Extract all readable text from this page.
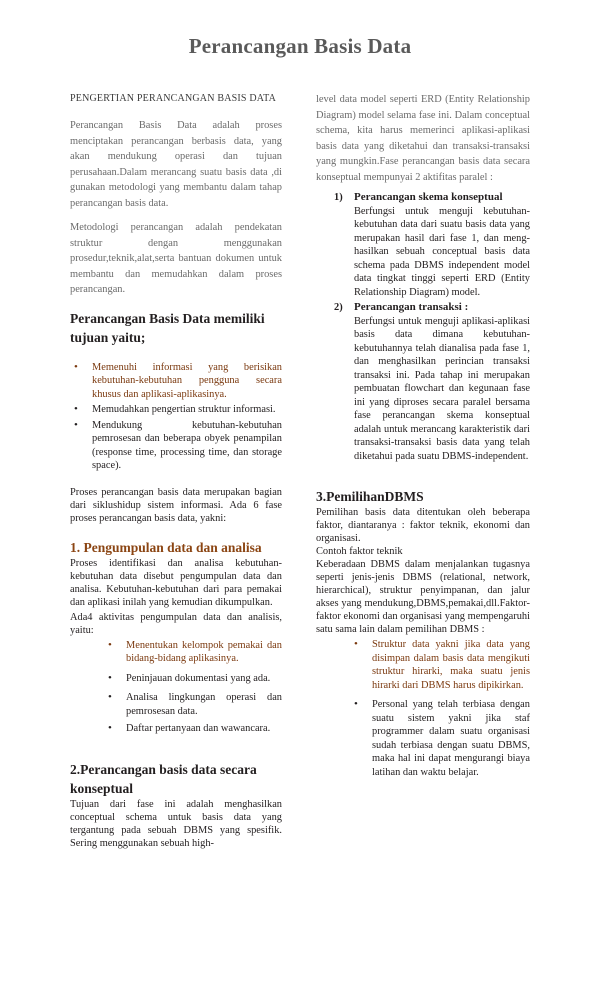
Perancangan Basis Data

PENGERTIAN PERANCANGAN BASIS DATA

Perancangan Basis Data adalah proses menciptakan perancangan berbasis data, yang akan mendukung operasi dan tujuan perusahaan.Dalam merancang suatu basis data ,di gunakan metodologi yang membantu dalam tahap perancangan basis data.

Metodologi perancangan adalah pendekatan struktur dengan menggunakan prosedur,teknik,alat,serta bantuan dokumen untuk membantu dan memudahkan dalam proses perancangan.

Perancangan Basis Data memiliki tujuan yaitu;

• Memenuhi informasi yang berisikan kebutuhan-kebutuhan pengguna secara khusus dan aplikasi-aplikasinya.
• Memudahkan pengertian struktur informasi.
• Mendukung kebutuhan-kebutuhan pemrosesan dan beberapa obyek penampilan (response time, processing time, dan storage space).

Proses perancangan basis data merupakan bagian dari siklushidup sistem informasi. Ada 6 fase proses perancangan basis data, yakni:

1. Pengumpulan data dan analisa

Proses identifikasi dan analisa kebutuhan-kebutuhan data disebut pengumpulan data dan analisa. Kebutuhan-kebutuhan dari para pemakai dan aplikasi inilah yang kemudian dikumpulkan.

Ada4 aktivitas pengumpulan data dan analisis, yaitu:

• Menentukan kelompok pemakai dan bidang-bidang aplikasinya.
• Peninjauan dokumentasi yang ada.
• Analisa lingkungan operasi dan pemrosesan data.
• Daftar pertanyaan dan wawancara.

2.Perancangan basis data secara konseptual

Tujuan dari fase ini adalah menghasilkan conceptual schema untuk basis data yang tergantung pada sebuah DBMS yang spesifik. Sering menggunakan sebuah high-

level data model seperti ERD (Entity Relationship Diagram) model selama fase ini. Dalam conceptual schema, kita harus memerinci aplikasi-aplikasi basis data yang diketahui dan transaksi-transaksi yang mungkin.Fase perancangan basis data secara konseptual mempunyai 2 aktifitas paralel :

1) Perancangan skema konseptual
Berfungsi untuk menguji kebutuhan-kebutuhan data dari suatu basis data yang merupakan hasil dari fase 1, dan meng-hasilkan sebuah conceptual basis data schema pada DBMS independent model data tingkat tinggi seperti ERD (Entity Relationship Diagram) model.
2) Perancangan transaksi :
Berfungsi untuk menguji aplikasi-aplikasi basis data dimana kebutuhan-kebutuhannya telah dianalisa pada fase 1, dan menghasilkan perincian transaksi transaksi ini. Pada tahap ini merupakan pembuatan flowchart dan kegunaan fase ini yang diproses secara paralel bersama fase perancangan skema konseptual adalah untuk merancang karakteristik dari transaksi-transaksi basis data yang telah diketahui pada suatu DBMS-independent.

3.PemilihanDBMS

Pemilihan basis data ditentukan oleh beberapa faktor, diantaranya : faktor teknik, ekonomi dan organisasi.

Contoh faktor teknik

Keberadaan DBMS dalam menjalankan tugasnya seperti jenis-jenis DBMS (relational, network, hierarchical), struktur penyimpanan, dan jalur akses yang mendukung,DBMS,pemakai,dll.Faktor-faktor ekonomi dan organisasi yang mempengaruhi satu sama lain dalam pemilihan DBMS :

• Struktur data yakni jika data yang disimpan dalam basis data mengikuti struktur hirarki, maka suatu jenis hirarki dari DBMS harus dipikirkan.
• Personal yang telah terbiasa dengan suatu sistem yakni jika staf programmer dalam suatu organisasi sudah terbiasa dengan suatu DBMS, maka hal ini dapat mengurangi biaya latihan dan waktu belajar.
